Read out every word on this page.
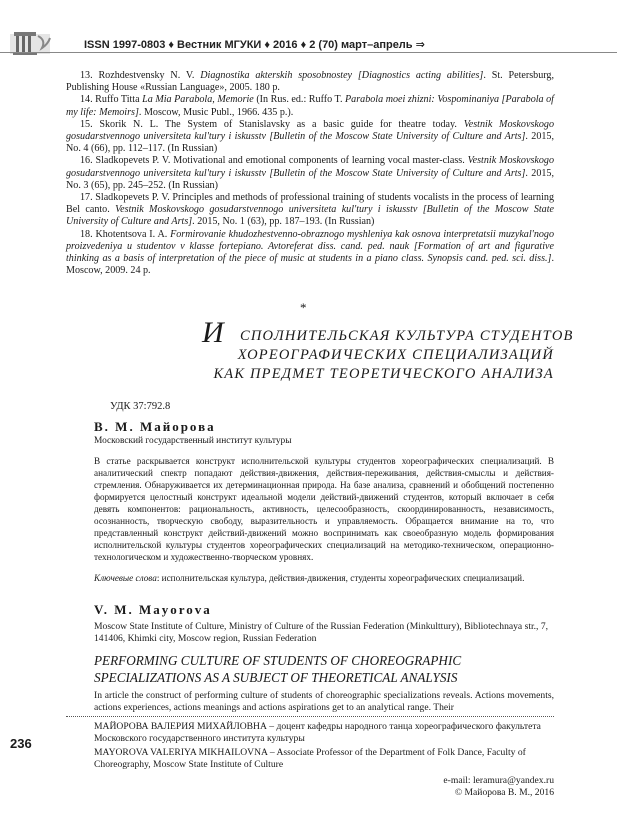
ISSN 1997-0803 ♦ Вестник МГУКИ ♦ 2016 ♦ 2 (70) март–апрель ⇒

13. Rozhdestvensky N. V. Diagnostika akterskih sposobnostey [Diagnostics acting abilities]. St. Petersburg, Publishing House «Russian Language», 2005. 180 p.

14. Ruffo Titta La Mia Parabola, Memorie (In Rus. ed.: Ruffo T. Parabola moei zhizni: Vospominaniya [Parabola of my life: Memoirs]. Moscow, Music Publ., 1966. 435 p.).

15. Skorik N. L. The System of Stanislavsky as a basic guide for theatre today. Vestnik Moskovskogo gosudarstvennogo universiteta kul'tury i iskusstv [Bulletin of the Moscow State University of Culture and Arts]. 2015, No. 4 (66), pp. 112–117. (In Russian)

16. Sladkopevets P. V. Motivational and emotional components of learning vocal master-class. Vestnik Moskovskogo gosudarstvennogo universiteta kul'tury i iskusstv [Bulletin of the Moscow State University of Culture and Arts]. 2015, No. 3 (65), pp. 245–252. (In Russian)

17. Sladkopevets P. V. Principles and methods of professional training of students vocalists in the process of learning Bel canto. Vestnik Moskovskogo gosudarstvennogo universiteta kul'tury i iskusstv [Bulletin of the Moscow State University of Culture and Arts]. 2015, No. 1 (63), pp. 187–193. (In Russian)

18. Khotentsova I. A. Formirovanie khudozhestvenno-obraznogo myshleniya kak osnova interpretatsii muzykal'nogo proizvedeniya u studentov v klasse fortepiano. Avtoreferat diss. cand. ped. nauk [Formation of art and figurative thinking as a basis of interpretation of the piece of music at students in a piano class. Synopsis cand. ped. sci. diss.]. Moscow, 2009. 24 p.

*
И СПОЛНИТЕЛЬСКАЯ КУЛЬТУРА СТУДЕНТОВ
ХОРЕОГРАФИЧЕСКИХ СПЕЦИАЛИЗАЦИЙ
КАК ПРЕДМЕТ ТЕОРЕТИЧЕСКОГО АНАЛИЗА
УДК 37:792.8
В. М. Майорова
Московский государственный институт культуры
В статье раскрывается конструкт исполнительской культуры студентов хореографических специализаций. В аналитический спектр попадают действия-движения, действия-переживания, действия-смыслы и действия-стремления. Обнаруживается их детерминационная природа. На базе анализа, сравнений и обобщений постепенно формируется целостный конструкт идеальной модели действий-движений студентов, который включает в себя девять компонентов: рациональность, активность, целесообразность, скоординированность, независимость, осознанность, творческую свободу, выразительность и управляемость. Обращается внимание на то, что представленный конструкт действий-движений можно воспринимать как своеобразную модель формирования исполнительской культуры студентов хореографических специализаций на методико-техническом, операционно-технологическом и художественно-творческом уровнях.
Ключевые слова: исполнительская культура, действия-движения, студенты хореографических специализаций.
V. M. Mayorova
Moscow State Institute of Culture, Ministry of Culture of the Russian Federation (Minkulttury), Bibliotechnaya str., 7, 141406, Khimki city, Moscow region, Russian Federation
PERFORMING CULTURE OF STUDENTS OF CHOREOGRAPHIC SPECIALIZATIONS AS A SUBJECT OF THEORETICAL ANALYSIS
In article the construct of performing culture of students of choreographic specializations reveals. Actions movements, actions experiences, actions meanings and actions aspirations get to an analytical range. Their
236
МАЙОРОВА ВАЛЕРИЯ МИХАЙЛОВНА – доцент кафедры народного танца хореографического факультета Московского государственного института культуры
MAYOROVA VALERIYA MIKHAILOVNA – Associate Professor of the Department of Folk Dance, Faculty of Choreography, Moscow State Institute of Culture
e-mail: leramura@yandex.ru
© Майорова В. М., 2016
